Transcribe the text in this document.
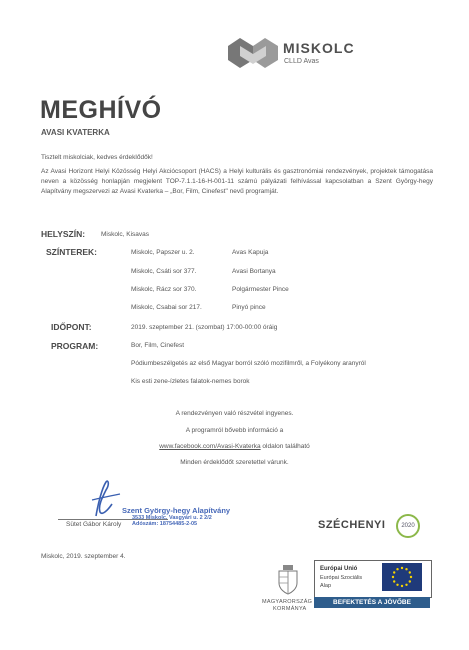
MISKOLC
CLLD Avas
MEGHÍVÓ
AVASI KVATERKA
Tisztelt miskolciak, kedves érdeklődők!
Az Avasi Horizont Helyi Közösség Helyi Akciócsoport (HACS) a Helyi kulturális és gasztronómiai rendezvények, projektek támogatása neven a közösség honlapján megjelent TOP-7.1.1-16-H-001-11 számú pályázati felhívással kapcsolatban a Szent György-hegy Alapítvány megszervezi az Avasi Kvaterka – „Bor, Film, Cinefest" nevű programját.
HELYSZÍN: Miskolc, Kisavas
SZÍNTEREK:	Miskolc, Papszer u. 2.	Avas Kapuja
Miskolc, Csáti sor 377.	Avasi Bortanya
Miskolc, Rácz sor 370.	Polgármester Pince
Miskolc, Csabai sor 217.	Pinyó pince
IDŐPONT:	2019. szeptember 21. (szombat) 17:00-00:00 óráig
PROGRAM:	Bor, Film, Cinefest
Pódiumbeszélgetés az első Magyar borról szóló mozifilmről, a Folyékony aranyról
Kis esti zene-ízletes falatok-nemes borok
A rendezvényen való részvétel ingyenes.
A programról bővebb információ a
www.facebook.com/Avasi-Kvaterka oldalon található
Minden érdeklődőt szeretettel várunk.
Szent György-hegy Alapítvány
3533 Miskolc, Vasgyári u. 2 2/2
Adószám: 18754485-2-05
Sütet Gábor Károly
Miskolc, 2019. szeptember 4.
SZÉCHENYI	2020
MAGYARORSZÁG
KORMÁNYA
Európai Unió
Európai Szociális
Alap
BEFEKTETÉS A JÖVŐBE
